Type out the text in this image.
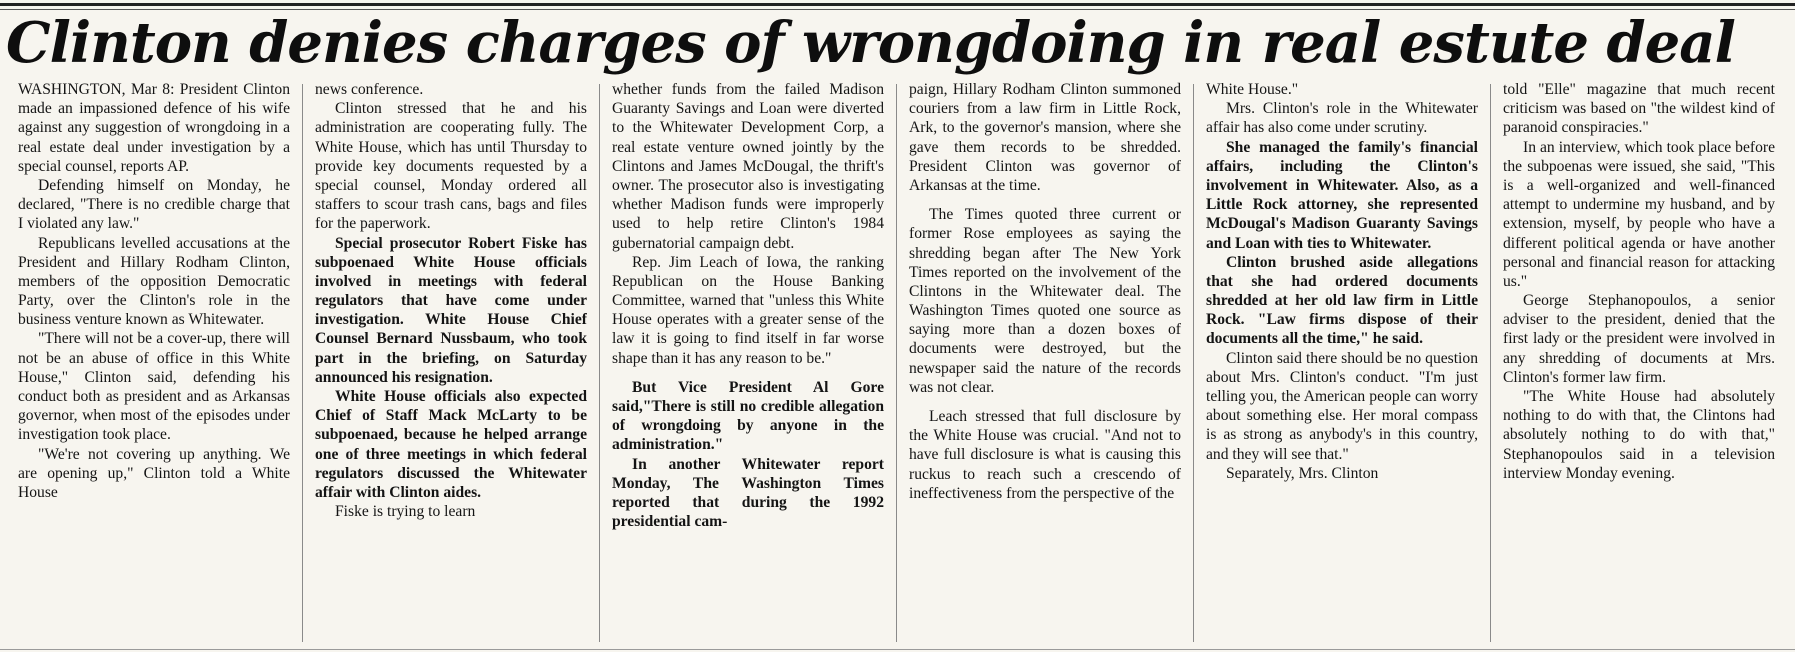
Clinton denies charges of wrongdoing in real estute deal

WASHINGTON, Mar 8: President Clinton made an impassioned defence of his wife against any suggestion of wrongdoing in a real estate deal under investigation by a special counsel, reports AP.

Defending himself on Monday, he declared, "There is no credible charge that I violated any law."

Republicans levelled accusations at the President and Hillary Rodham Clinton, members of the opposition Democratic Party, over the Clinton's role in the business venture known as Whitewater.

"There will not be a cover-up, there will not be an abuse of office in this White House," Clinton said, defending his conduct both as president and as Arkansas governor, when most of the episodes under investigation took place.

"We're not covering up anything. We are opening up," Clinton told a White House

news conference.

Clinton stressed that he and his administration are cooperating fully. The White House, which has until Thursday to provide key documents requested by a special counsel, Monday ordered all staffers to scour trash cans, bags and files for the paperwork.

Special prosecutor Robert Fiske has subpoenaed White House officials involved in meetings with federal regulators that have come under investigation. White House Chief Counsel Bernard Nussbaum, who took part in the briefing, on Saturday announced his resignation.

White House officials also expected Chief of Staff Mack McLarty to be subpoenaed, because he helped arrange one of three meetings in which federal regulators discussed the Whitewater affair with Clinton aides.

Fiske is trying to learn

whether funds from the failed Madison Guaranty Savings and Loan were diverted to the Whitewater Development Corp, a real estate venture owned jointly by the Clintons and James McDougal, the thrift's owner. The prosecutor also is investigating whether Madison funds were improperly used to help retire Clinton's 1984 gubernatorial campaign debt.

Rep. Jim Leach of Iowa, the ranking Republican on the House Banking Committee, warned that "unless this White House operates with a greater sense of the law it is going to find itself in far worse shape than it has any reason to be."

But Vice President Al Gore said,"There is still no credible allegation of wrongdoing by anyone in the administration."

In another Whitewater report Monday, The Washington Times reported that during the 1992 presidential cam-

paign, Hillary Rodham Clinton summoned couriers from a law firm in Little Rock, Ark, to the governor's mansion, where she gave them records to be shredded. President Clinton was governor of Arkansas at the time.

The Times quoted three current or former Rose employees as saying the shredding began after The New York Times reported on the involvement of the Clintons in the Whitewater deal. The Washington Times quoted one source as saying more than a dozen boxes of documents were destroyed, but the newspaper said the nature of the records was not clear.

Leach stressed that full disclosure by the White House was crucial. "And not to have full disclosure is what is causing this ruckus to reach such a crescendo of ineffectiveness from the perspective of the

White House."

Mrs. Clinton's role in the Whitewater affair has also come under scrutiny.

She managed the family's financial affairs, including the Clinton's involvement in Whitewater. Also, as a Little Rock attorney, she represented McDougal's Madison Guaranty Savings and Loan with ties to Whitewater.

Clinton brushed aside allegations that she had ordered documents shredded at her old law firm in Little Rock. "Law firms dispose of their documents all the time," he said.

Clinton said there should be no question about Mrs. Clinton's conduct. "I'm just telling you, the American people can worry about something else. Her moral compass is as strong as anybody's in this country, and they will see that."

Separately, Mrs. Clinton

told "Elle" magazine that much recent criticism was based on "the wildest kind of paranoid conspiracies."

In an interview, which took place before the subpoenas were issued, she said, "This is a well-organized and well-financed attempt to undermine my husband, and by extension, myself, by people who have a different political agenda or have another personal and financial reason for attacking us."

George Stephanopoulos, a senior adviser to the president, denied that the first lady or the president were involved in any shredding of documents at Mrs. Clinton's former law firm.

"The White House had absolutely nothing to do with that, the Clintons had absolutely nothing to do with that," Stephanopoulos said in a television interview Monday evening.
